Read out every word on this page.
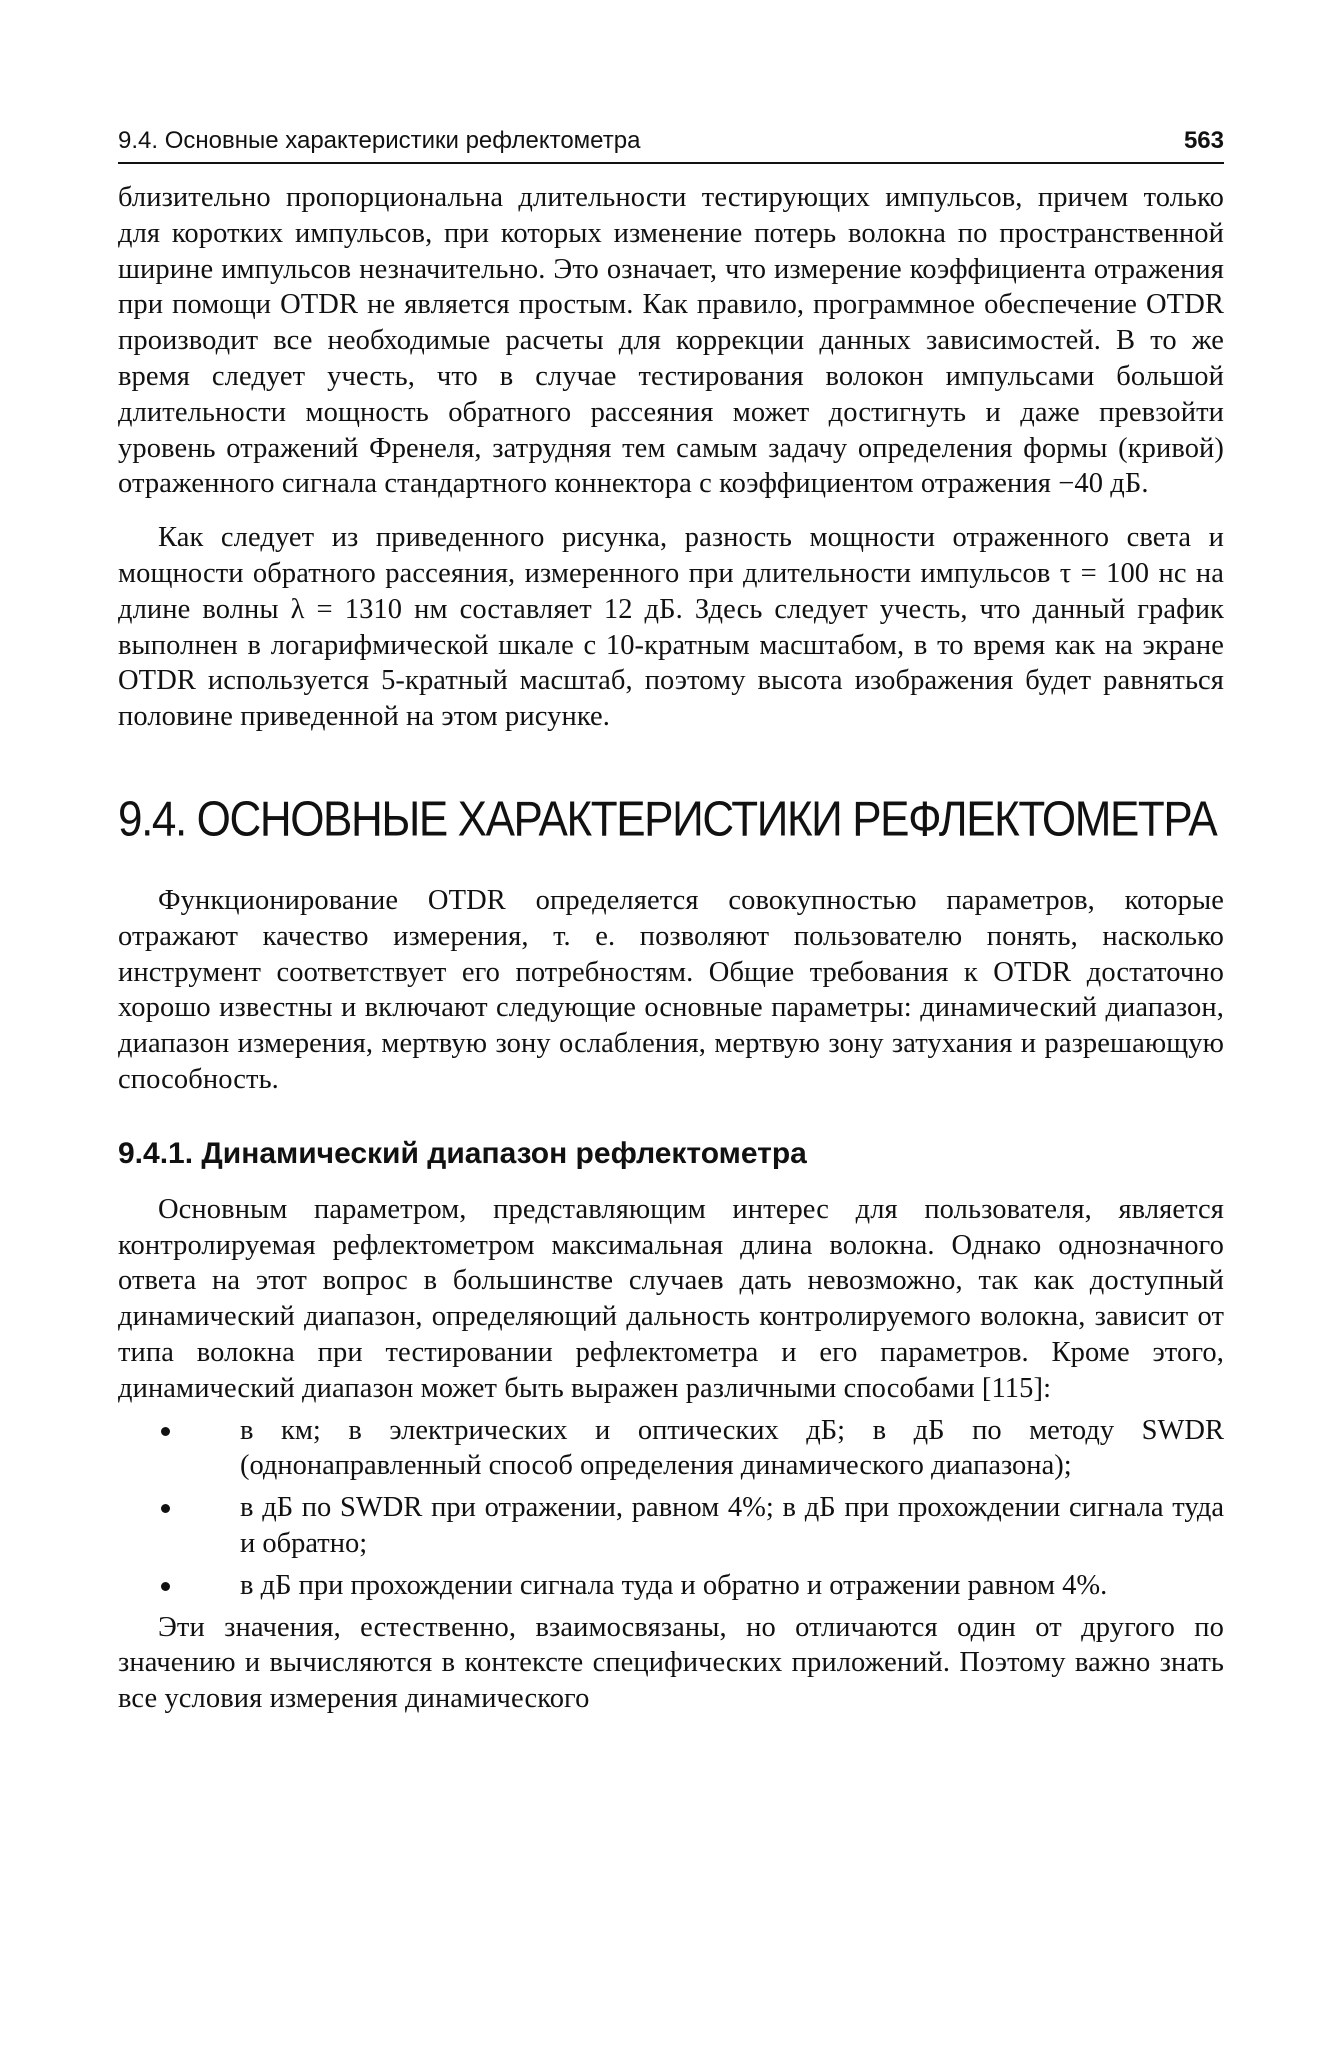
9.4. Основные характеристики рефлектометра	563

близительно пропорциональна длительности тестирующих импульсов, причем только для коротких импульсов, при которых изменение потерь волокна по пространственной ширине импульсов незначительно. Это означает, что измерение коэффициента отражения при помощи OTDR не является простым. Как правило, программное обеспечение OTDR производит все необходимые расчеты для коррекции данных зависимостей. В то же время следует учесть, что в случае тестирования волокон импульсами большой длительности мощность обратного рассеяния может достигнуть и даже превзойти уровень отражений Френеля, затрудняя тем самым задачу определения формы (кривой) отраженного сигнала стандартного коннектора с коэффициентом отражения −40 дБ.

Как следует из приведенного рисунка, разность мощности отраженного света и мощности обратного рассеяния, измеренного при длительности импульсов τ = 100 нс на длине волны λ = 1310 нм составляет 12 дБ. Здесь следует учесть, что данный график выполнен в логарифмической шкале с 10-кратным масштабом, в то время как на экране OTDR используется 5-кратный масштаб, поэтому высота изображения будет равняться половине приведенной на этом рисунке.

9.4. ОСНОВНЫЕ ХАРАКТЕРИСТИКИ РЕФЛЕКТОМЕТРА

Функционирование OTDR определяется совокупностью параметров, которые отражают качество измерения, т. е. позволяют пользователю понять, насколько инструмент соответствует его потребностям. Общие требования к OTDR достаточно хорошо известны и включают следующие основные параметры: динамический диапазон, диапазон измерения, мертвую зону ослабления, мертвую зону затухания и разрешающую способность.

9.4.1. Динамический диапазон рефлектометра

Основным параметром, представляющим интерес для пользователя, является контролируемая рефлектометром максимальная длина волокна. Однако однозначного ответа на этот вопрос в большинстве случаев дать невозможно, так как доступный динамический диапазон, определяющий дальность контролируемого волокна, зависит от типа волокна при тестировании рефлектометра и его параметров. Кроме этого, динамический диапазон может быть выражен различными способами [115]:

в км; в электрических и оптических дБ; в дБ по методу SWDR (однонаправленный способ определения динамического диапазона);
в дБ по SWDR при отражении, равном 4%; в дБ при прохождении сигнала туда и обратно;
в дБ при прохождении сигнала туда и обратно и отражении равном 4%.

Эти значения, естественно, взаимосвязаны, но отличаются один от другого по значению и вычисляются в контексте специфических приложений. Поэтому важно знать все условия измерения динамического
